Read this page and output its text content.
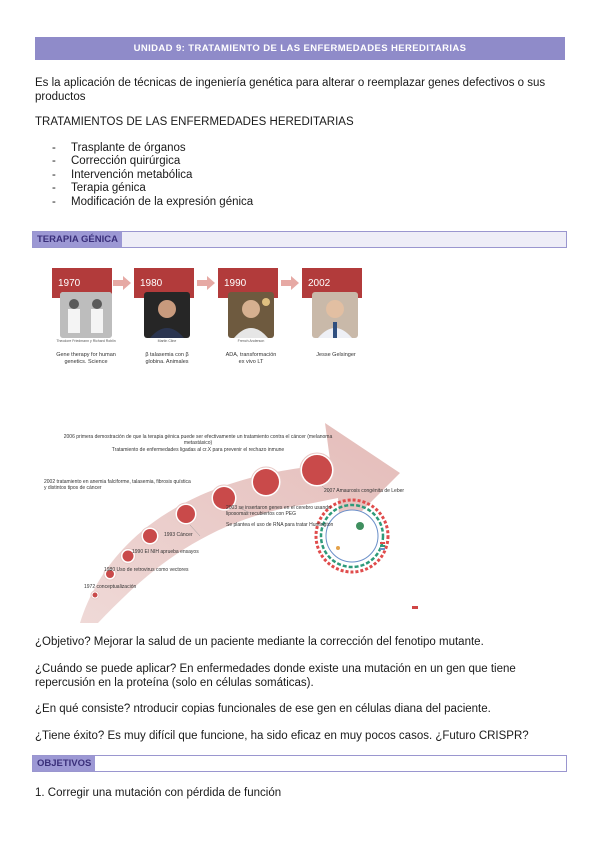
UNIDAD 9: TRATAMIENTO DE LAS ENFERMEDADES HEREDITARIAS
Es la aplicación de técnicas de ingeniería genética para alterar o reemplazar genes defectivos o sus productos
TRATAMIENTOS DE LAS ENFERMEDADES HEREDITARIAS
- Trasplante de órganos
- Corrección quirúrgica
- Intervención metabólica
- Terapia génica
- Modificación de la expresión génica
TERAPIA GÉNICA
1970	1980	1990	2002
Theodore Friedmann y Richard Roblin	Martin Cline	French Anderson
Gene therapy for human genetics. Science
β talasemia con β globina. Animales
ADA, transformación ex vivo LT
Jesse Gelsinger
2006 primera demostración de que la terapia génica puede ser efectivamente un tratamiento contra el cáncer (melanoma metastásico)
Tratamiento de enfermedades ligadas al cr.X para prevenir el rechazo inmune
2002 tratamiento en anemia falciforme, talasemia, fibrosis quística y distintos tipos de cáncer	2007 Amaurosis congénita de Leber
2003 se insertaron genes en el cerebro usando liposomas recubiertos con PEG
Se plantea el uso de RNA para tratar Huntington
1993 Cáncer
1990 El NIH aprueba ensayos
1980 Uso de retrovirus como vectores
1972 conceptualización
¿Objetivo? Mejorar la salud de un paciente mediante la corrección del fenotipo mutante.
¿Cuándo se puede aplicar? En enfermedades donde existe una mutación en un gen que tiene repercusión en la proteína (solo en células somáticas).
¿En qué consiste? ntroducir copias funcionales de ese gen en células diana del paciente.
¿Tiene éxito? Es muy difícil que funcione, ha sido eficaz en muy pocos casos. ¿Futuro CRISPR?
OBJETIVOS
1. Corregir una mutación con pérdida de función
